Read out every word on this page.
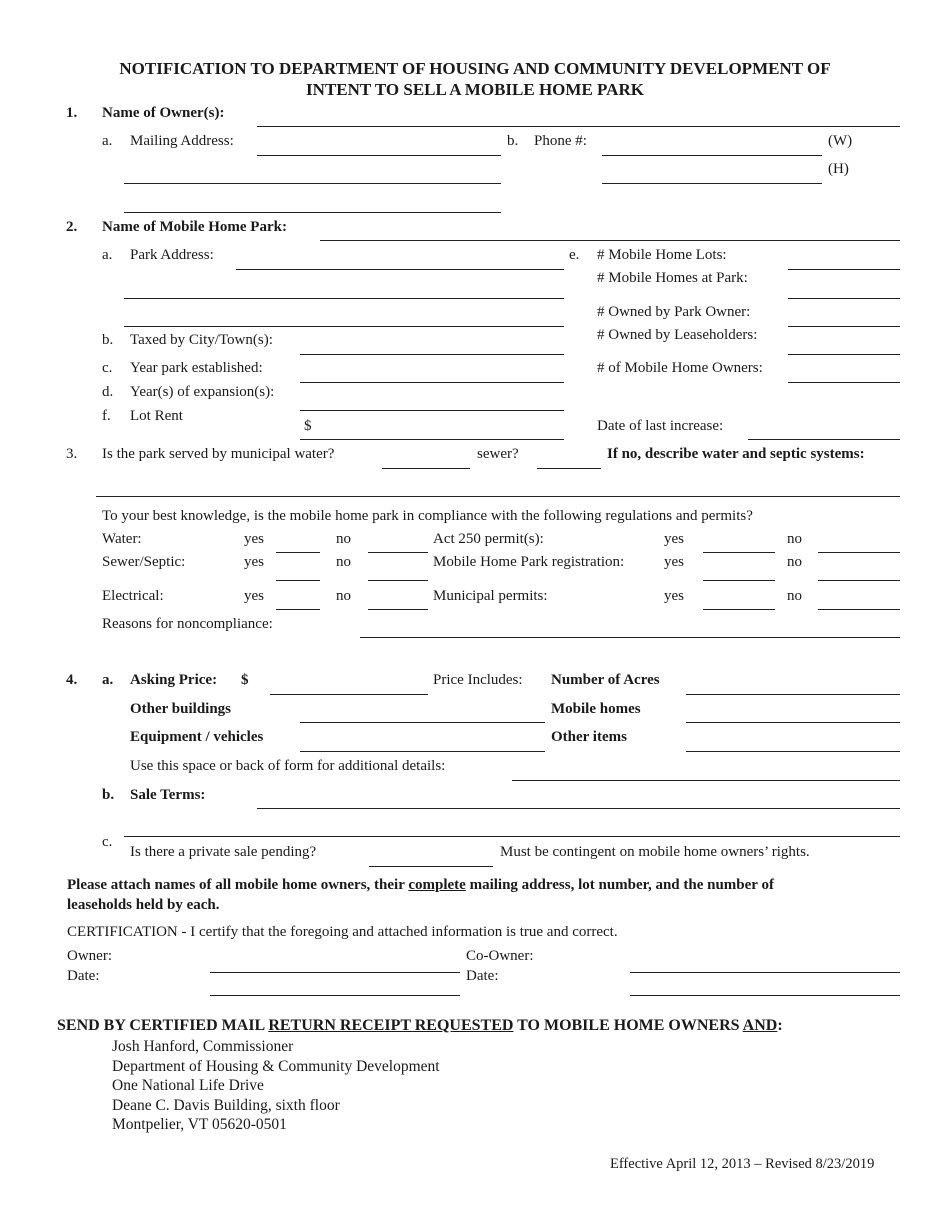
NOTIFICATION TO DEPARTMENT OF HOUSING AND COMMUNITY DEVELOPMENT OF
INTENT TO SELL A MOBILE HOME PARK
1. Name of Owner(s):
a. Mailing Address:	b. Phone #:	(W)
(H)
2. Name of Mobile Home Park:
a. Park Address:	e. # Mobile Home Lots:
# Mobile Homes at Park:
# Owned by Park Owner:
# Owned by Leaseholders:
b. Taxed by City/Town(s):
c. Year park established:	# of Mobile Home Owners:
d. Year(s) of expansion(s):
f. Lot Rent
$	Date of last increase:
3. Is the park served by municipal water?	sewer?	If no, describe water and septic systems:
To your best knowledge, is the mobile home park in compliance with the following regulations and permits?
Water:	yes	no	Act 250 permit(s):	yes	no
Sewer/Septic:	yes	no	Mobile Home Park registration:	yes	no
Electrical:	yes	no	Municipal permits:	yes	no
Reasons for noncompliance:
4. a. Asking Price: $	Price Includes: Number of Acres
Other buildings	Mobile homes
Equipment / vehicles	Other items
Use this space or back of form for additional details:
b. Sale Terms:
c.
Is there a private sale pending?	Must be contingent on mobile home owners’ rights.
Please attach names of all mobile home owners, their complete mailing address, lot number, and the number of
leaseholds held by each.
CERTIFICATION - I certify that the foregoing and attached information is true and correct.
Owner:
Date:
Co-Owner:
Date:
SEND BY CERTIFIED MAIL RETURN RECEIPT REQUESTED TO MOBILE HOME OWNERS AND:
Josh Hanford, Commissioner
Department of Housing & Community Development
One National Life Drive
Deane C. Davis Building, sixth floor
Montpelier, VT 05620-0501
Effective April 12, 2013 – Revised 8/23/2019
